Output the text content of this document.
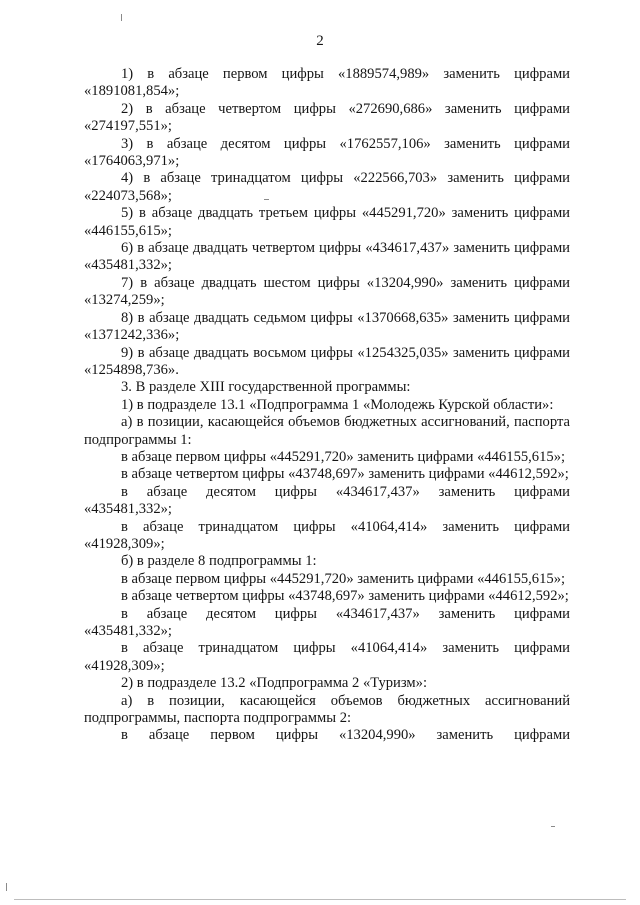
2

1) в абзаце первом цифры «1889574,989» заменить цифрами «1891081,854»;

2) в абзаце четвертом цифры «272690,686» заменить цифрами «274197,551»;

3) в абзаце десятом цифры «1762557,106» заменить цифрами «1764063,971»;

4) в абзаце тринадцатом цифры «222566,703» заменить цифрами «224073,568»;

5) в абзаце двадцать третьем цифры «445291,720» заменить цифрами «446155,615»;

6) в абзаце двадцать четвертом цифры «434617,437» заменить цифрами «435481,332»;

7) в абзаце двадцать шестом цифры «13204,990» заменить цифрами «13274,259»;

8) в абзаце двадцать седьмом цифры «1370668,635» заменить цифрами «1371242,336»;

9) в абзаце двадцать восьмом цифры «1254325,035» заменить цифрами «1254898,736».

3. В разделе XIII государственной программы:

1) в подразделе 13.1 «Подпрограмма 1 «Молодежь Курской области»:

а) в позиции, касающейся объемов бюджетных ассигнований, паспорта подпрограммы 1:

в абзаце первом цифры «445291,720» заменить цифрами «446155,615»;

в абзаце четвертом цифры «43748,697» заменить цифрами «44612,592»;

в абзаце десятом цифры «434617,437» заменить цифрами «435481,332»;

в абзаце тринадцатом цифры «41064,414» заменить цифрами «41928,309»;

б) в разделе 8 подпрограммы 1:

в абзаце первом цифры «445291,720» заменить цифрами «446155,615»;

в абзаце четвертом цифры «43748,697» заменить цифрами «44612,592»;

в абзаце десятом цифры «434617,437» заменить цифрами «435481,332»;

в абзаце тринадцатом цифры «41064,414» заменить цифрами «41928,309»;

2) в подразделе 13.2 «Подпрограмма 2 «Туризм»:

а) в позиции, касающейся объемов бюджетных ассигнований подпрограммы, паспорта подпрограммы 2:

в абзаце первом цифры «13204,990» заменить цифрами
